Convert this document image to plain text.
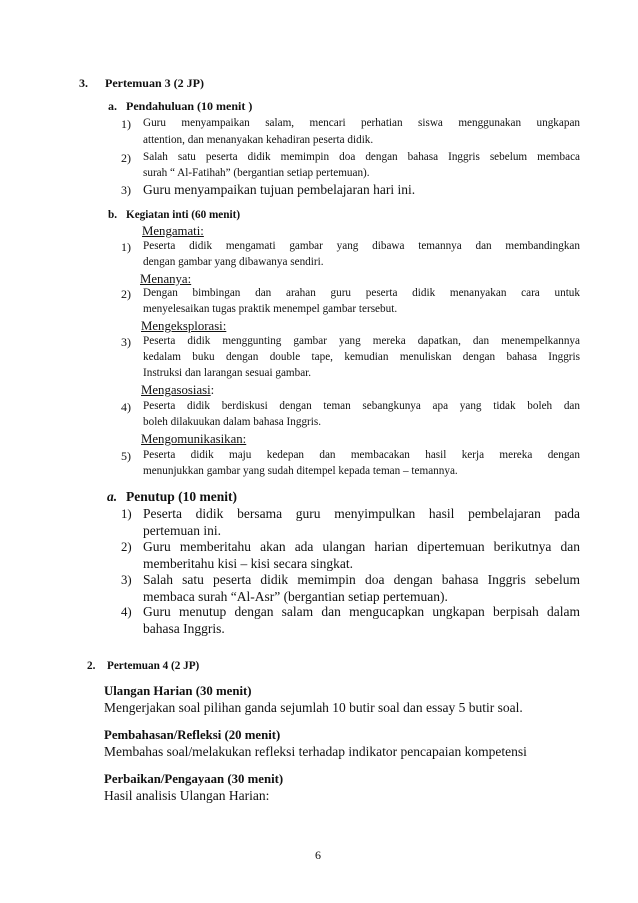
3. Pertemuan 3 (2 JP)
a. Pendahuluan (10 menit )
1) Guru menyampaikan salam, mencari perhatian siswa menggunakan ungkapan
attention, dan menanyakan kehadiran peserta didik.
2) Salah satu peserta didik memimpin doa dengan bahasa Inggris sebelum membaca
surah “ Al-Fatihah” (bergantian setiap pertemuan).
3) Guru menyampaikan tujuan pembelajaran hari ini.
b. Kegiatan inti (60 menit)
Mengamati:
1) Peserta didik mengamati gambar yang dibawa temannya dan membandingkan
dengan gambar yang dibawanya sendiri.
Menanya:
2) Dengan bimbingan dan arahan guru peserta didik menanyakan cara untuk
menyelesaikan tugas praktik menempel gambar tersebut.
Mengeksplorasi:
3) Peserta didik menggunting gambar yang mereka dapatkan, dan menempelkannya
kedalam buku dengan double tape, kemudian menuliskan dengan bahasa Inggris
Instruksi dan larangan sesuai gambar.
Mengasosiasi:
4) Peserta didik berdiskusi dengan teman sebangkunya apa yang tidak boleh dan
boleh dilakuukan dalam bahasa Inggris.
Mengomunikasikan:
5) Peserta didik maju kedepan dan membacakan hasil kerja mereka dengan
menunjukkan gambar yang sudah ditempel kepada teman – temannya.
a. Penutup (10 menit)
1) Peserta didik bersama guru menyimpulkan hasil pembelajaran pada
pertemuan ini.
2) Guru memberitahu akan ada ulangan harian dipertemuan berikutnya dan
memberitahu kisi – kisi secara singkat.
3) Salah satu peserta didik memimpin doa dengan bahasa Inggris sebelum
membaca surah “Al-Asr” (bergantian setiap pertemuan).
4) Guru menutup dengan salam dan mengucapkan ungkapan berpisah dalam
bahasa Inggris.
2. Pertemuan 4 (2 JP)
Ulangan Harian (30 menit)
Mengerjakan soal pilihan ganda sejumlah 10 butir soal dan essay 5 butir soal.
Pembahasan/Refleksi (20 menit)
Membahas soal/melakukan refleksi terhadap indikator pencapaian kompetensi
Perbaikan/Pengayaan (30 menit)
Hasil analisis Ulangan Harian:
6
